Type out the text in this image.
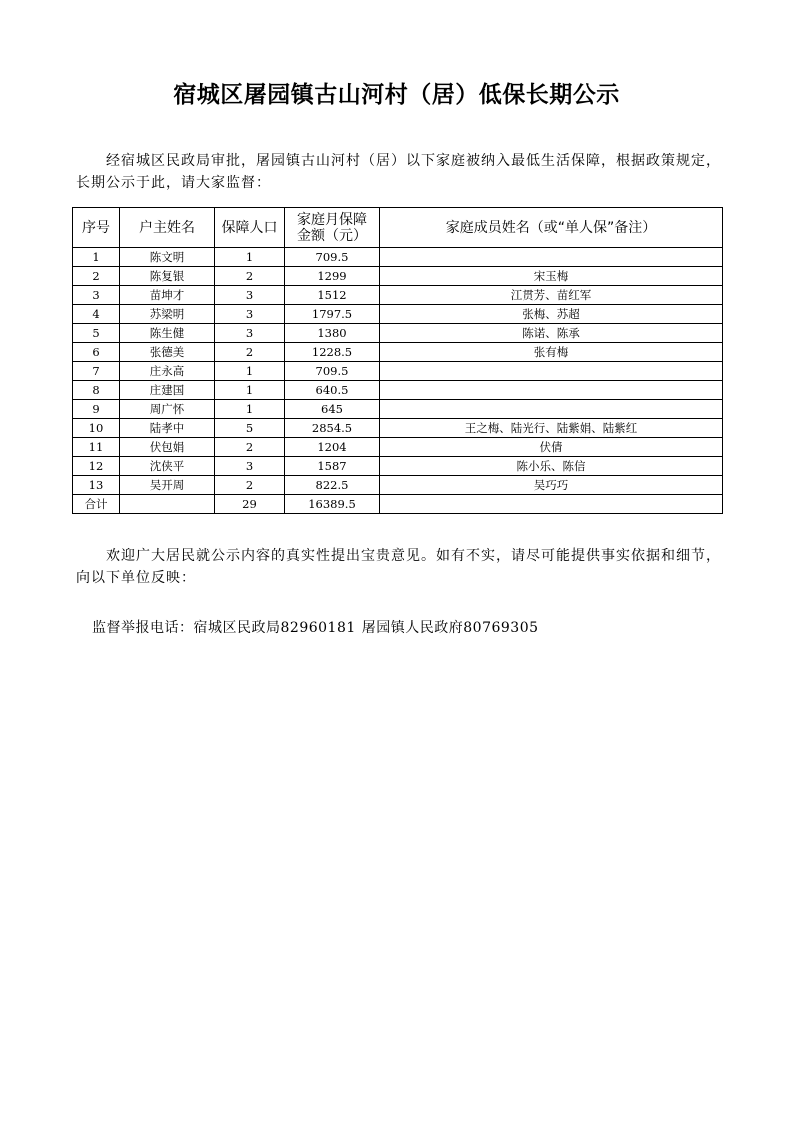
宿城区屠园镇古山河村（居）低保长期公示

经宿城区民政局审批，屠园镇古山河村（居）以下家庭被纳入最低生活保障，根据政策规定，长期公示于此，请大家监督：

序号	户主姓名	保障人口	家庭月保障金额（元）	家庭成员姓名（或“单人保”备注）
1	陈文明	1	709.5	
2	陈复银	2	1299	宋玉梅
3	苗坤才	3	1512	江贯芳、苗红军
4	苏梁明	3	1797.5	张梅、苏超
5	陈生健	3	1380	陈诺、陈承
6	张德美	2	1228.5	张有梅
7	庄永高	1	709.5	
8	庄建国	1	640.5	
9	周广怀	1	645	
10	陆孝中	5	2854.5	王之梅、陆光行、陆紫娟、陆紫红
11	伏包娟	2	1204	伏倩
12	沈侠平	3	1587	陈小乐、陈信
13	吴开周	2	822.5	吴巧巧
合计		29	16389.5	

欢迎广大居民就公示内容的真实性提出宝贵意见。如有不实，请尽可能提供事实依据和细节，向以下单位反映：

监督举报电话：宿城区民政局82960181 屠园镇人民政府80769305
